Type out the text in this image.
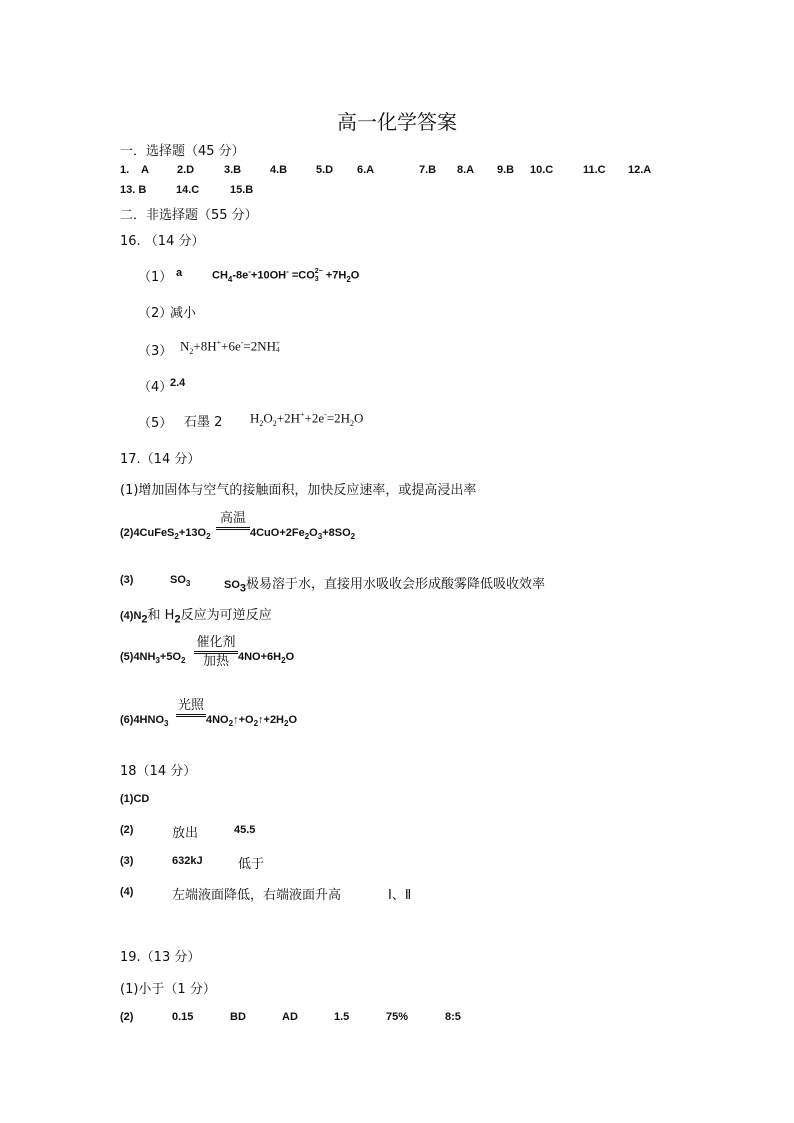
高一化学答案
一．选择题（45 分）
1. A	2.D	3.B	4.B	5.D 6.A	7.B 8.A 9.B 10.C	11.C 12.A
13. B	14.C	15.B
二．非选择题（55 分）
16. （14 分）
（1） a	$CH_4-8e^-+10OH^- =CO$ 2−
$3 +7H_2O$
（2）
减小
（3） $N_2+8H^++6e^-=2NH$ +
4
（4）
2.4
（5） 石墨 2 $H_2O_2+2H^++2e^-=2H_2O$
17.（14 分）
(1)增加固体与空气的接触面积，加快反应速率，或提高浸出率
$(2)4CuFeS_2+13O_2$
高温
$4CuO+2Fe_2O_3+8SO_2$
(3)	$SO_3$	$SO_3$极易溶于水，直接用水吸收会形成酸雾降低吸收效率
$(4)N_2$和 $H_2$反应为可逆反应
$(5)4NH_3+5O_2$
催化剂
加热 $4NO+6H_2O$
$(6)4HNO_3$
光照
$4NO_2↑+O_2↑+2H_2O$
18（14 分）
(1)CD
(2)	放出	45.5
(3)	632kJ	低于
(4)	左端液面降低，右端液面升高	Ⅰ、Ⅱ
19.（13 分）
(1)小于（1 分）
(2)	0.15	BD	AD	1.5	75%	8:5
